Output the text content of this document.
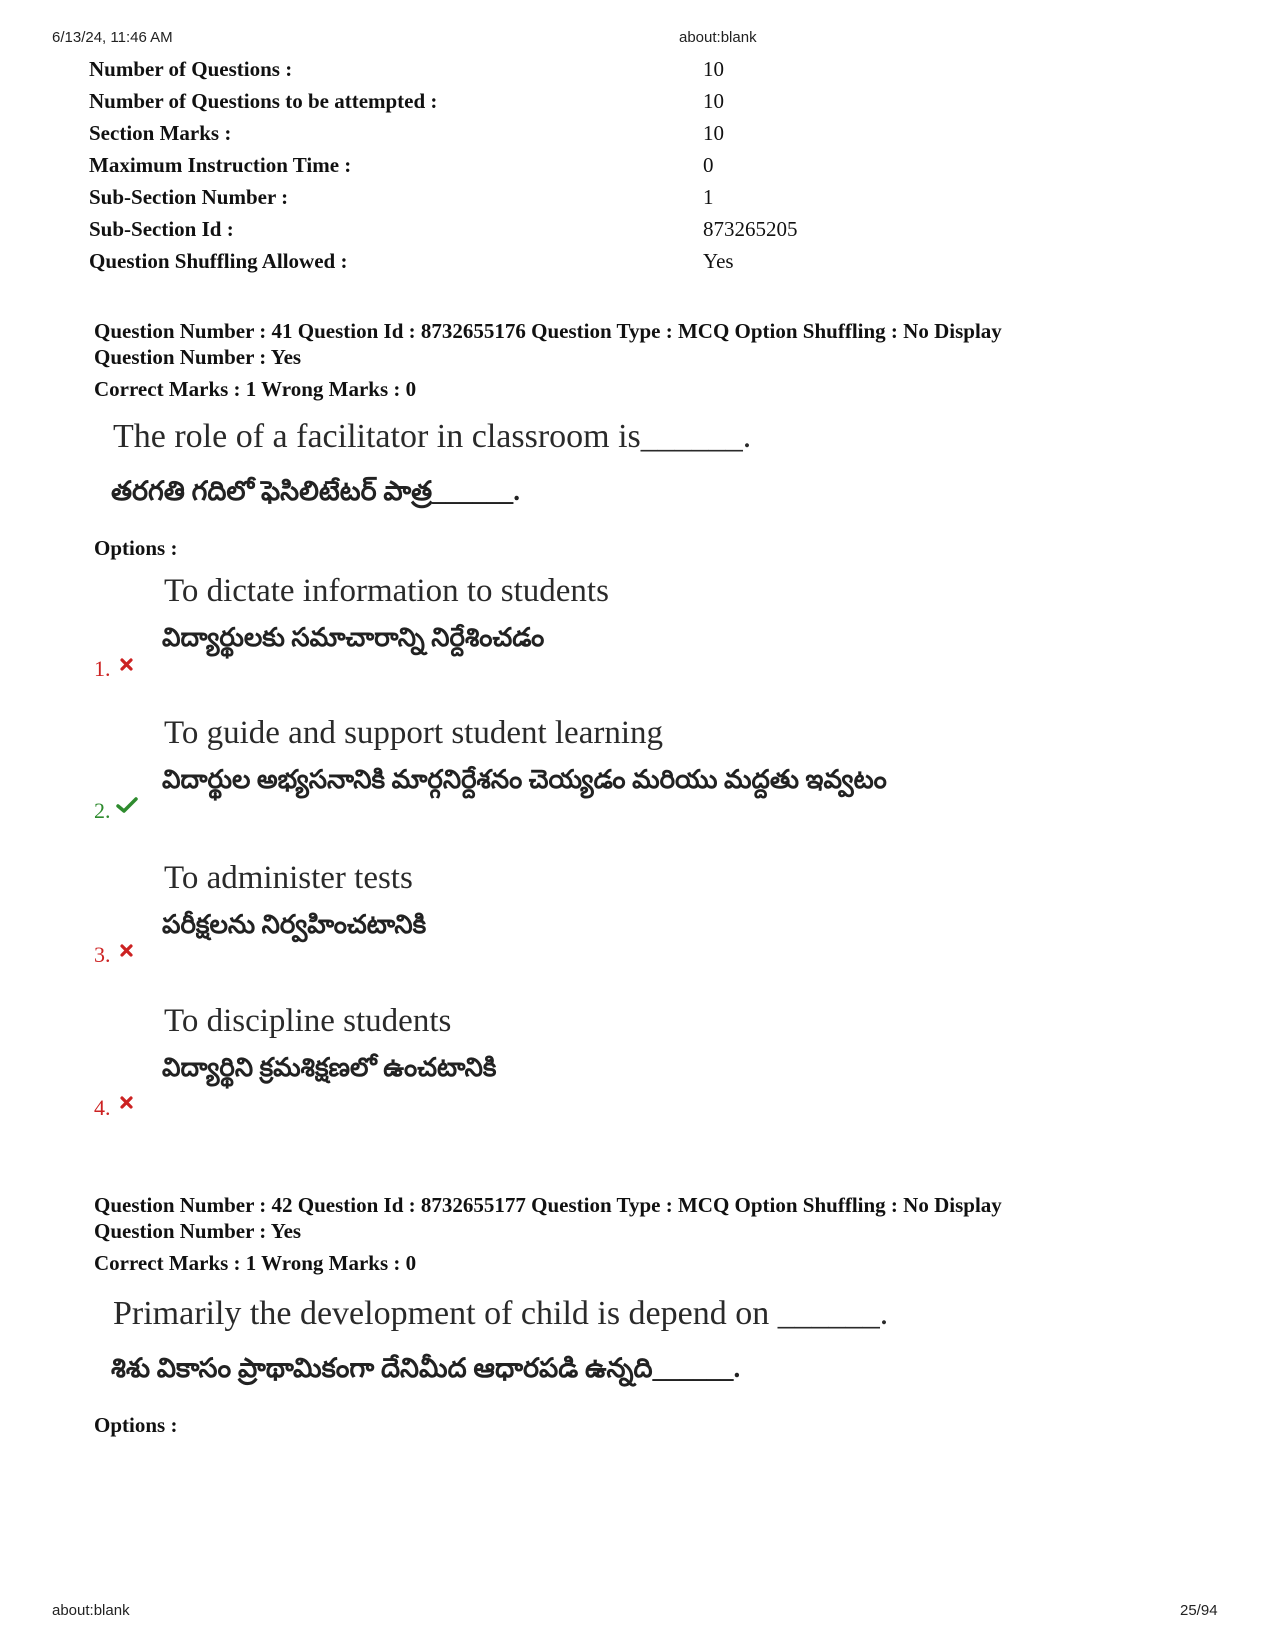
6/13/24, 11:46 AM	about:blank
Number of Questions :	10
Number of Questions to be attempted :	10
Section Marks :	10
Maximum Instruction Time :	0
Sub-Section Number :	1
Sub-Section Id :	873265205
Question Shuffling Allowed :	Yes
Question Number : 41 Question Id : 8732655176 Question Type : MCQ Option Shuffling : No Display
Question Number : Yes
Correct Marks : 1 Wrong Marks : 0
The role of a facilitator in classroom is______.
తరగతి గదిలో ఫెసిలిటేటర్ పాత్ర______.
Options :
To dictate information to students
విద్యార్థులకు సమాచారాన్ని నిర్దేశించడం
1.
To guide and support student learning
విదార్థుల అభ్యసనానికి మార్గనిర్దేశనం చెయ్యడం మరియు మద్దతు ఇవ్వటం
2.
To administer tests
పరీక్షలను నిర్వహించటానికి
3.
To discipline students
విద్యార్థిని క్రమశిక్షణలో ఉంచటానికి
4.
Question Number : 42 Question Id : 8732655177 Question Type : MCQ Option Shuffling : No Display
Question Number : Yes
Correct Marks : 1 Wrong Marks : 0
Primarily the development of child is depend on ______.
శిశు వికాసం ప్రాథామికంగా దేనిమీద ఆధారపడి ఉన్నది______.
Options :
about:blank	25/94
